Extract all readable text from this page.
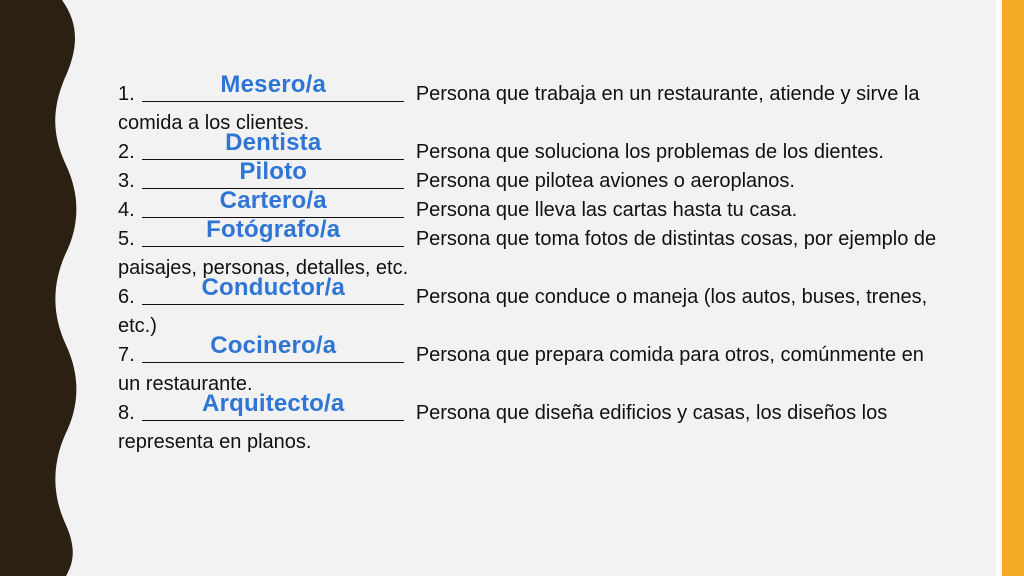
1.	Mesero/a	Persona que trabaja en un restaurante, atiende y sirve la comida a los clientes.

2.	Dentista	Persona que soluciona los problemas de los dientes.

3.	Piloto	Persona que pilotea aviones o aeroplanos.

4.	Cartero/a	Persona que lleva las cartas hasta tu casa.

5.	Fotógrafo/a	Persona que toma fotos de distintas cosas, por ejemplo de paisajes, personas, detalles, etc.

6.	Conductor/a	Persona que conduce o maneja (los autos, buses, trenes, etc.)

7.	Cocinero/a	Persona que prepara comida para otros, comúnmente en un restaurante.

8.	Arquitecto/a	Persona que diseña edificios y casas, los diseños los representa en planos.
